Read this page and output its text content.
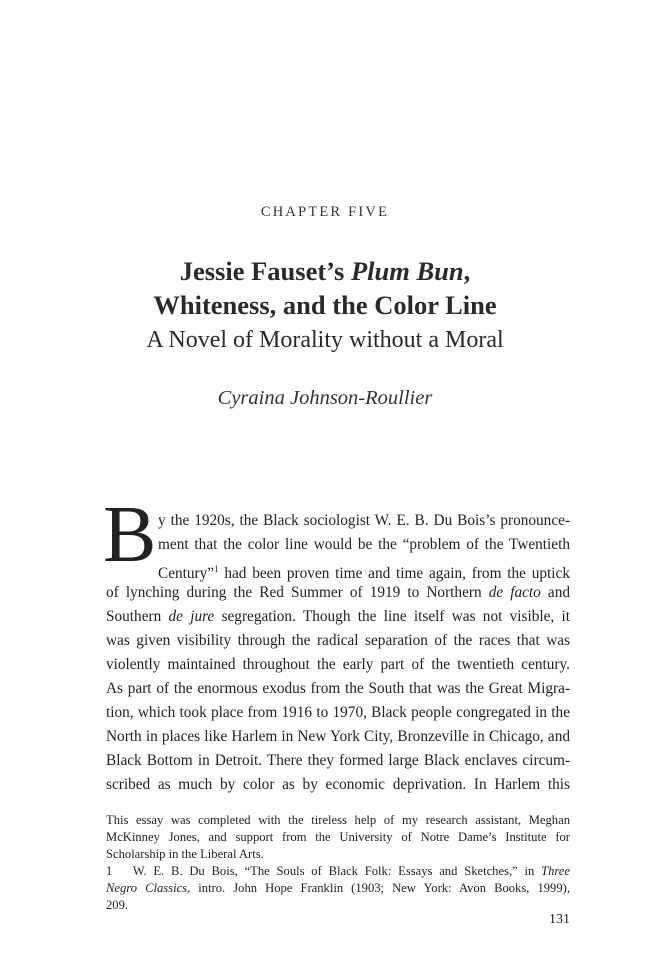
CHAPTER FIVE
Jessie Fauset’s Plum Bun,
Whiteness, and the Color Line
A Novel of Morality without a Moral
Cyraina Johnson-Roullier
B y the 1920s, the Black sociologist W. E. B. Du Bois’s pronounce-
ment that the color line would be the “problem of the Twentieth
Century”$^1$ had been proven time and time again, from the uptick
of lynching during the Red Summer of 1919 to Northern de facto and
Southern de jure segregation. Though the line itself was not visible, it
was given visibility through the radical separation of the races that was
violently maintained throughout the early part of the twentieth century.
As part of the enormous exodus from the South that was the Great Migra-
tion, which took place from 1916 to 1970, Black people congregated in the
North in places like Harlem in New York City, Bronzeville in Chicago, and
Black Bottom in Detroit. There they formed large Black enclaves circum-
scribed as much by color as by economic deprivation. In Harlem this
This essay was completed with the tireless help of my research assistant, Meghan
McKinney Jones, and support from the University of Notre Dame’s Institute for
Scholarship in the Liberal Arts.
1 W. E. B. Du Bois, “The Souls of Black Folk: Essays and Sketches,” in Three
Negro Classics, intro. John Hope Franklin (1903; New York: Avon Books, 1999),
209.
131
